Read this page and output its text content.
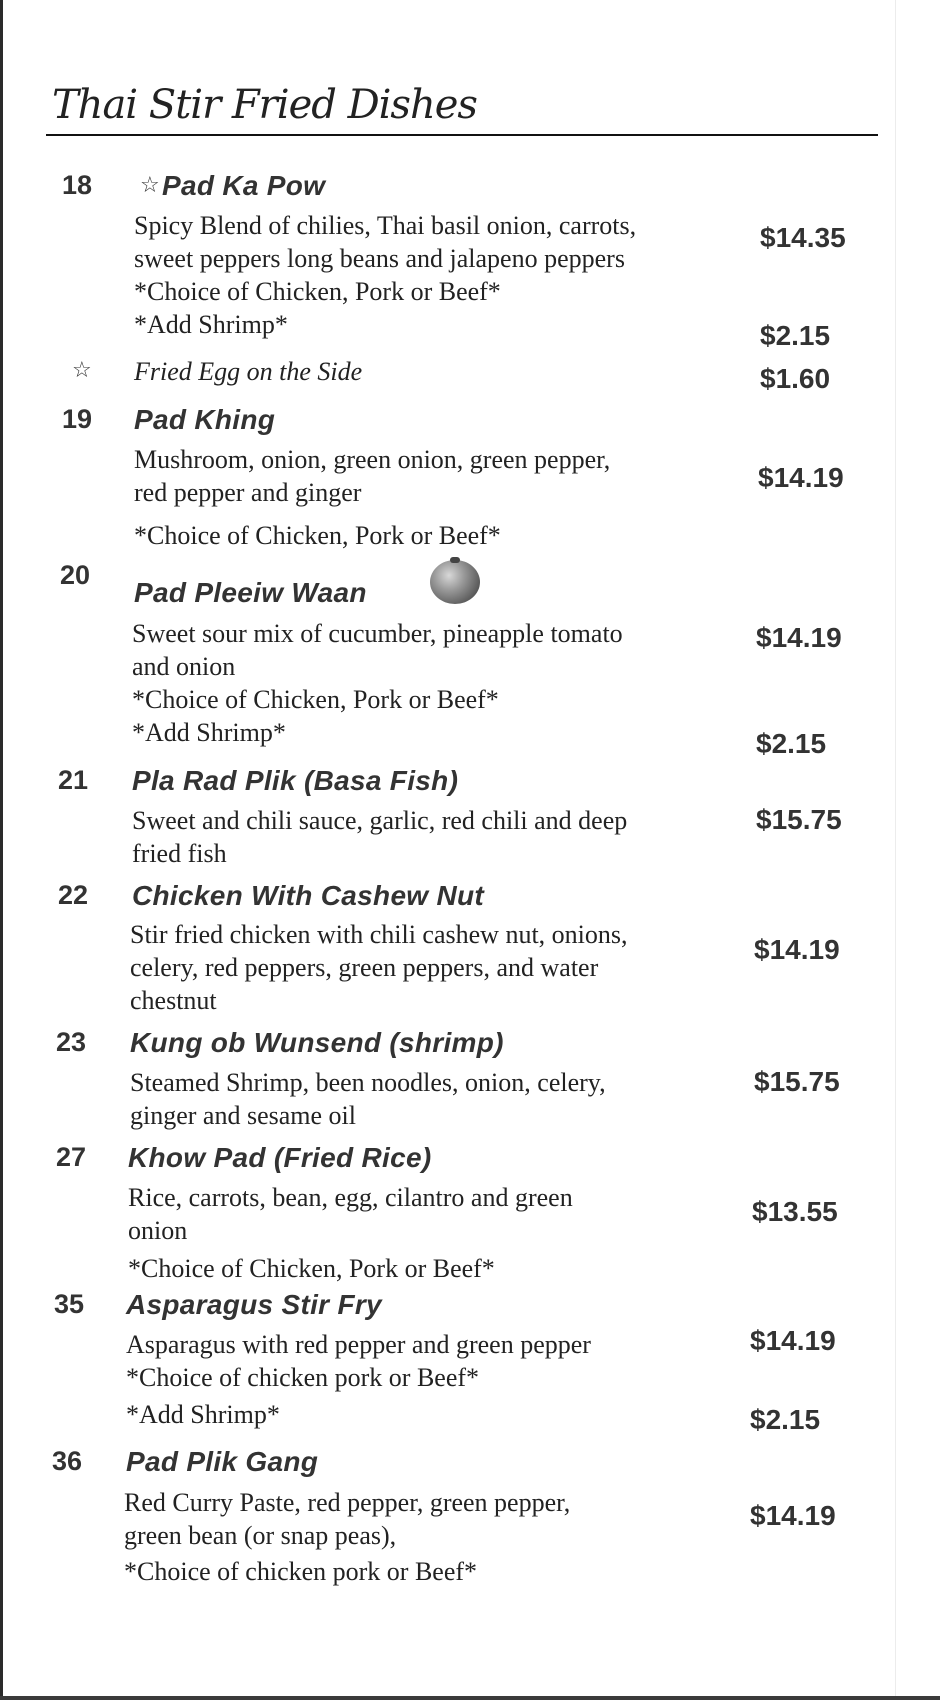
Thai Stir Fried Dishes
18 ☆ Pad Ka Pow
Spicy Blend of chilies, Thai basil onion, carrots,
sweet peppers long beans and jalapeno peppers
*Choice of Chicken, Pork or Beef*
*Add Shrimp*
$14.35
$2.15
☆ Fried Egg on the Side	$1.60
19 Pad Khing
Mushroom, onion, green onion, green pepper,
red pepper and ginger
*Choice of Chicken, Pork or Beef*
$14.19
20
Pad Pleeiw Waan
Sweet sour mix of cucumber, pineapple tomato
and onion
*Choice of Chicken, Pork or Beef*
*Add Shrimp*
$14.19
$2.15
21 Pla Rad Plik (Basa Fish)
Sweet and chili sauce, garlic, red chili and deep
fried fish
$15.75
22 Chicken With Cashew Nut
Stir fried chicken with chili cashew nut, onions,
celery, red peppers, green peppers, and water
chestnut
$14.19
23 Kung ob Wunsend (shrimp)
Steamed Shrimp, been noodles, onion, celery,
ginger and sesame oil
$15.75
27 Khow Pad (Fried Rice)
Rice, carrots, bean, egg, cilantro and green
onion
*Choice of Chicken, Pork or Beef*
$13.55
35 Asparagus Stir Fry
Asparagus with red pepper and green pepper
*Choice of chicken pork or Beef*
*Add Shrimp*
$14.19
$2.15
36 Pad Plik Gang
Red Curry Paste, red pepper, green pepper,
green bean (or snap peas),
*Choice of chicken pork or Beef*
$14.19
